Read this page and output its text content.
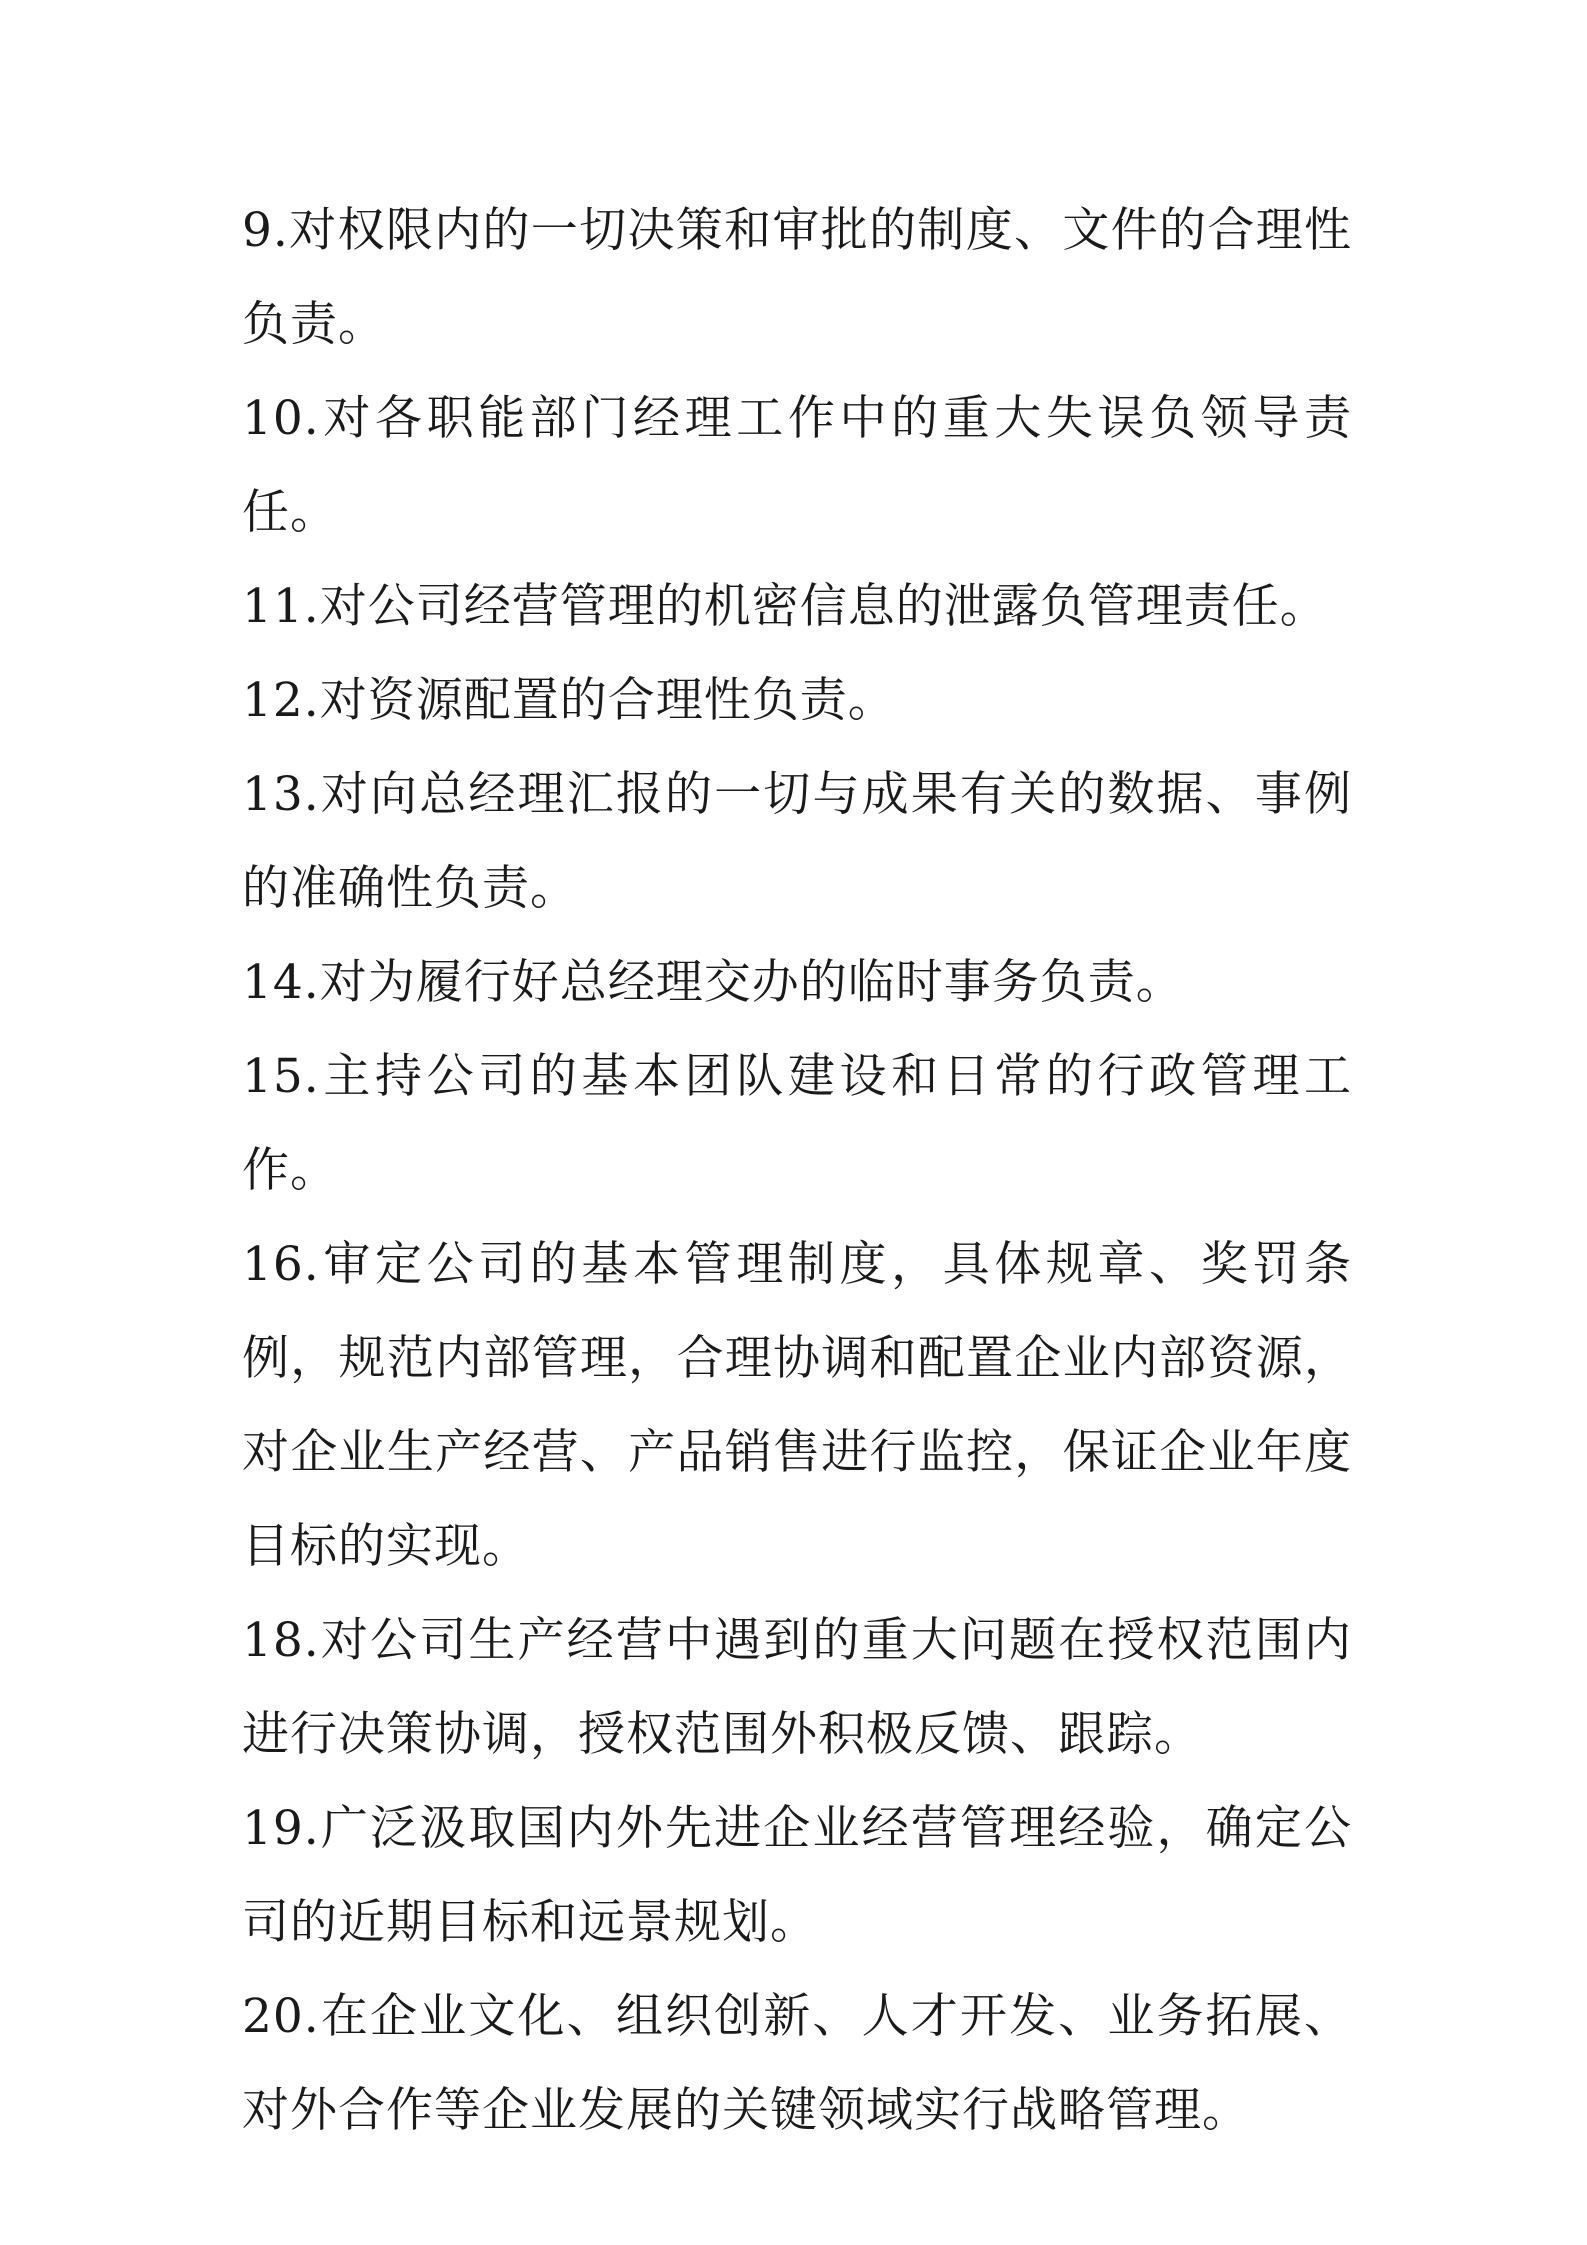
9.对权限内的一切决策和审批的制度、文件的合理性负责。

10.对各职能部门经理工作中的重大失误负领导责任。

11.对公司经营管理的机密信息的泄露负管理责任。

12.对资源配置的合理性负责。

13.对向总经理汇报的一切与成果有关的数据、事例的准确性负责。

14.对为履行好总经理交办的临时事务负责。

15.主持公司的基本团队建设和日常的行政管理工作。

16.审定公司的基本管理制度，具体规章、奖罚条例，规范内部管理，合理协调和配置企业内部资源，对企业生产经营、产品销售进行监控，保证企业年度目标的实现。

18.对公司生产经营中遇到的重大问题在授权范围内进行决策协调，授权范围外积极反馈、跟踪。

19.广泛汲取国内外先进企业经营管理经验，确定公司的近期目标和远景规划。

20.在企业文化、组织创新、人才开发、业务拓展、对外合作等企业发展的关键领域实行战略管理。
